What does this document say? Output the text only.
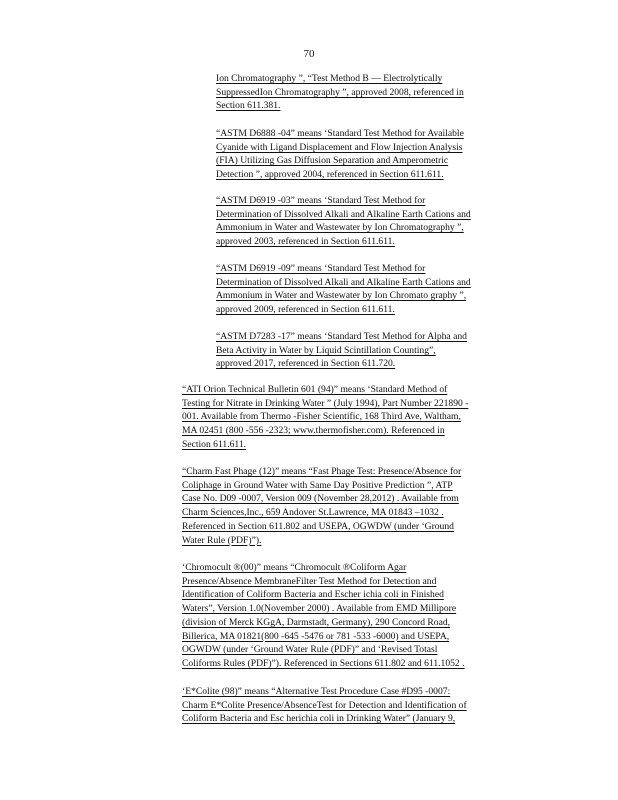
70
Ion Chromatography ”, “Test Method B — Electrolytically
SuppressedIon Chromatography ”, approved 2008, referenced in
Section 611.381.
“ASTM D6888 -04” means ‘Standard Test Method for Available
Cyanide with Ligand Displacement and Flow Injection Analysis
(FIA) Utilizing Gas Diffusion Separation and Amperometric
Detection ”, approved 2004, referenced in Section 611.611.
“ASTM D6919 -03” means ‘Standard Test Method for
Determination of Dissolved Alkali and Alkaline Earth Cations and
Ammonium in Water and Wastewater by Ion Chromatography ”,
approved 2003, referenced in Section 611.611.
“ASTM D6919 -09” means ‘Standard Test Method for
Determination of Dissolved Alkali and Alkaline Earth Cations and
Ammonium in Water and Wastewater by Ion Chromato graphy ”,
approved 2009, referenced in Section 611.611.
“ASTM D7283 -17” means ‘Standard Test Method for Alpha and
Beta Activity in Water by Liquid Scintillation Counting”,
approved 2017, referenced in Section 611.720.
“ATI Orion Technical Bulletin 601 (94)” means ‘Standard Method of
Testing for Nitrate in Drinking Water ” (July 1994), Part Number 221890 -
001. Available from Thermo -Fisher Scientific, 168 Third Ave, Waltham,
MA 02451 (800 -556 -2323; www.thermofisher.com). Referenced in
Section 611.611.
“Charm Fast Phage (12)” means “Fast Phage Test: Presence/Absence for
Coliphage in Ground Water with Same Day Positive Prediction ”, ATP
Case No. D09 -0007, Version 009 (November 28,2012) . Available from
Charm Sciences,Inc., 659 Andover St.Lawrence, MA 01843 –1032 .
Referenced in Section 611.802 and USEPA, OGWDW (under ‘Ground
Water Rule (PDF)”).
‘Chromocult ®(00)” means “Chromocult ®Coliform Agar
Presence/Absence MembraneFilter Test Method for Detection and
Identification of Coliform Bacteria and Escher ichia coli in Finished
Waters”, Version 1.0(November 2000) . Available from EMD Millipore
(division of Merck KGgA, Darmstadt, Germany), 290 Concord Road,
Billerica, MA 01821(800 -645 -5476 or 781 -533 -6000) and USEPA,
OGWDW (under ‘Ground Water Rule (PDF)” and ‘Revised Totasl
Coliforms Rules (PDF)”). Referenced in Sections 611.802 and 611.1052 .
‘E*Colite (98)” means “Alternative Test Procedure Case #D95 -0007:
Charm E*Colite Presence/AbsenceTest for Detection and Identification of
Coliform Bacteria and Esc herichia coli in Drinking Water” (January 9,
